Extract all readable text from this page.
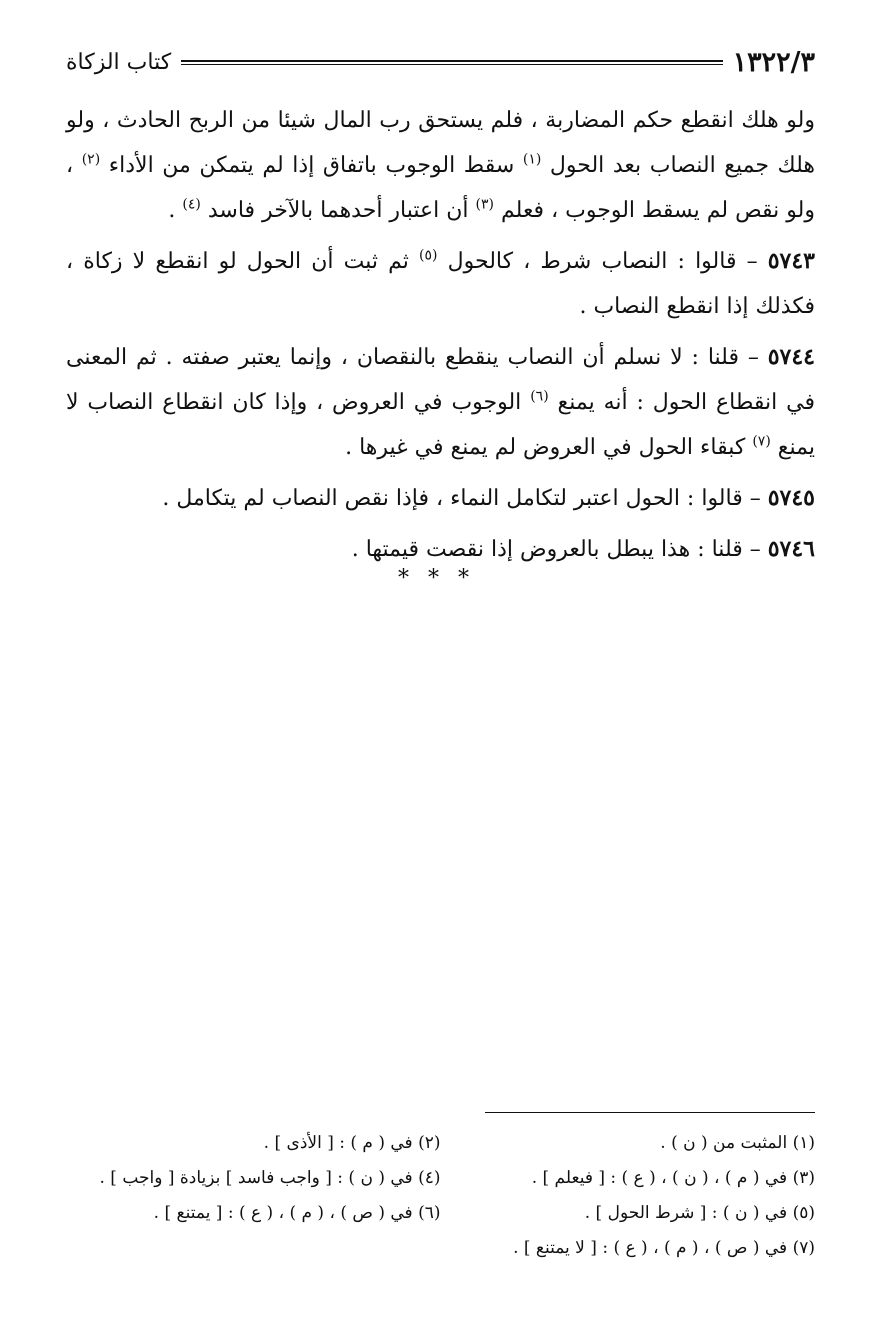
١٣٢٢/٣
كتاب الزكاة

ولو هلك انقطع حكم المضاربة ، فلم يستحق رب المال شيئا من الربح الحادث ، ولو هلك جميع النصاب بعد الحول $^{(١)}$ سقط الوجوب باتفاق إذا لم يتمكن من الأداء $^{(٢)}$ ، ولو نقص لم يسقط الوجوب ، فعلم $^{(٣)}$ أن اعتبار أحدهما بالآخر فاسد $^{(٤)}$ .

٥٧٤٣ – قالوا : النصاب شرط ، كالحول $^{(٥)}$ ثم ثبت أن الحول لو انقطع لا زكاة ، فكذلك إذا انقطع النصاب .

٥٧٤٤ – قلنا : لا نسلم أن النصاب ينقطع بالنقصان ، وإنما يعتبر صفته . ثم المعنى في انقطاع الحول : أنه يمنع $^{(٦)}$ الوجوب في العروض ، وإذا كان انقطاع النصاب لا يمنع $^{(٧)}$ كبقاء الحول في العروض لم يمنع في غيرها .

٥٧٤٥ – قالوا : الحول اعتبر لتكامل النماء ، فإذا نقص النصاب لم يتكامل .

٥٧٤٦ – قلنا : هذا يبطل بالعروض إذا نقصت قيمتها .

* * *
(١) المثبت من ( ن ) .
(٢) في ( م ) : [ الأذى ] .
(٣) في ( م ) ، ( ن ) ، ( ع ) : [ فيعلم ] .
(٤) في ( ن ) : [ واجب فاسد ] بزيادة [ واجب ] .
(٥) في ( ن ) : [ شرط الحول ] .
(٦) في ( ص ) ، ( م ) ، ( ع ) : [ يمتنع ] .
(٧) في ( ص ) ، ( م ) ، ( ع ) : [ لا يمتنع ] .
